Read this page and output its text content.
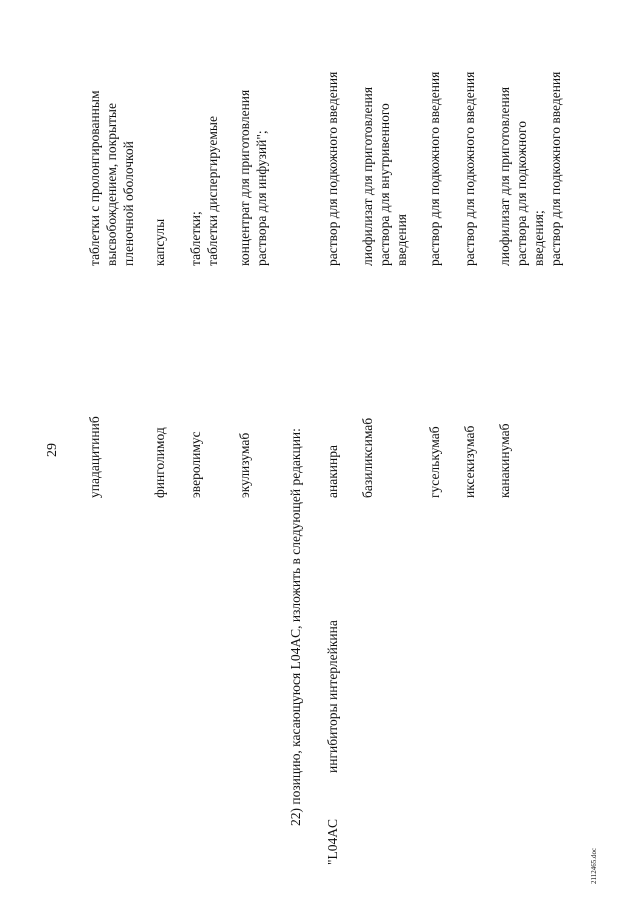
29 упадацитиниб
таблетки с пролонгированным высвобождением, покрытые пленочной оболочкой
финголимод
капсулы
эверолимус
таблетки; таблетки диспергируемые
экулизумаб
концентрат для приготовления раствора для инфузий";
22) позицию, касающуюся L04AC, изложить в следующей редакции:
"L04AC
ингибиторы интерлейкина
анакинра
раствор для подкожного введения
базиликсимаб
лиофилизат для приготовления раствора для внутривенного введения
гуселькумаб
раствор для подкожного введения
иксекизумаб
раствор для подкожного введения
канакинумаб
лиофилизат для приготовления раствора для подкожного введения; раствор для подкожного введения
2112465.doc
